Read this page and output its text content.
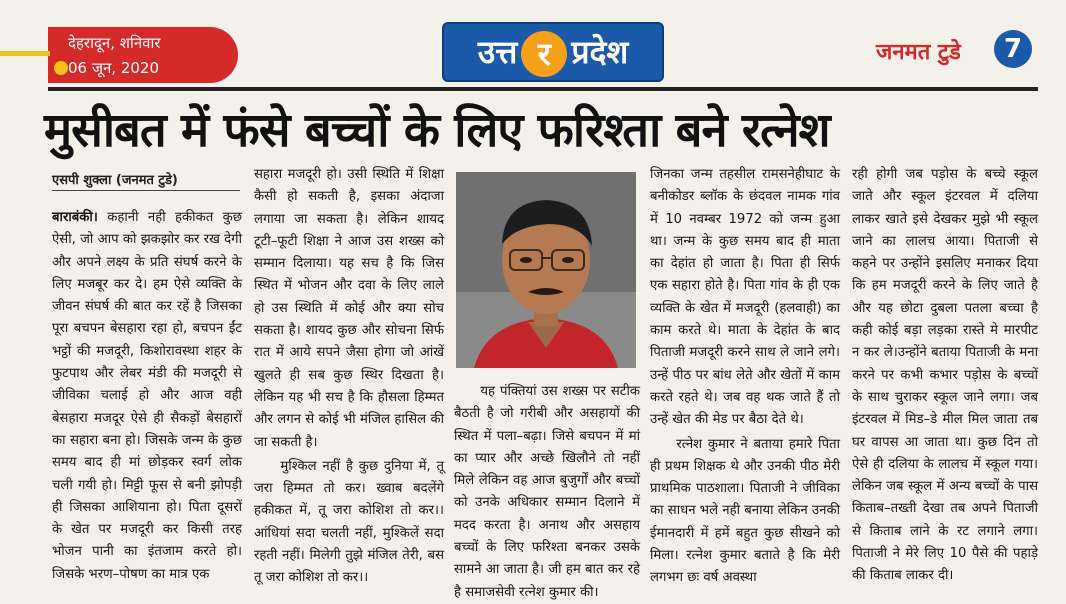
देहरादून, शनिवार
06 जून, 2020	उत्त र प्रदेश	जनमत टुडे	7
मुसीबत में फंसे बच्चों के लिए फरिश्ता बने रत्नेश
एसपी शुक्ला (जनमत टुडे)

बाराबंकी। कहानी नही हकीकत कुछ ऐसी, जो आप को झकझोर कर रख देगी और अपने लक्ष्य के प्रति संघर्ष करने के लिए मजबूर कर दे। हम ऐसे व्यक्ति के जीवन संघर्ष की बात कर रहें है जिसका पूरा बचपन बेसहारा रहा हो, बचपन ईंट भट्ठों की मजदूरी, किशोरावस्था शहर के फुटपाथ और लेबर मंडी की मजदूरी से जीविका चलाई हो और आज वही बेसहारा मजदूर ऐसे ही सैकड़ों बेसहारों का सहारा बना हो। जिसके जन्म के कुछ समय बाद ही मां छोड़कर स्वर्ग लोक चली गयी हो। मिट्टी फूस से बनी झोपड़ी ही जिसका आशियाना हो। पिता दूसरों के खेत पर मजदूरी कर किसी तरह भोजन पानी का इंतजाम करते हो। जिसके भरण–पोषण का मात्र एक

सहारा मजदूरी हो। उसी स्थिति में शिक्षा कैसी हो सकती है, इसका अंदाजा लगाया जा सकता है। लेकिन शायद टूटी–फूटी शिक्षा ने आज उस शख्स को सम्मान दिलाया। यह सच है कि जिस स्थित में भोजन और दवा के लिए लाले हो उस स्थिति में कोई और क्या सोच सकता है। शायद कुछ और सोचना सिर्फ रात में आये सपने जैसा होगा जो आंखें खुलते ही सब कुछ स्थिर दिखता है। लेकिन यह भी सच है कि हौसला हिम्मत और लगन से कोई भी मंजिल हासिल की जा सकती है।

मुश्किल नहीं है कुछ दुनिया में, तू जरा हिम्मत तो कर। ख्वाब बदलेंगे हकीकत में, तू जरा कोशिश तो कर।।आंधियां सदा चलती नहीं, मुश्किलें सदा रहती नहीं। मिलेगी तुझे मंजिल तेरी, बस तू जरा कोशिश तो कर।।

यह पंक्तियां उस शख्स पर सटीक बैठती है जो गरीबी और असहायों की स्थित में पला–बढ़ा। जिसे बचपन में मां का प्यार और अच्छे खिलौने तो नहीं मिले लेकिन वह आज बुजुर्गों और बच्चों को उनके अधिकार सम्मान दिलाने में मदद करता है। अनाथ और असहाय बच्चों के लिए फरिश्ता बनकर उसके सामने आ जाता है। जी हम बात कर रहे है समाजसेवी रत्नेश कुमार की।

जिनका जन्म तहसील रामसनेहीघाट के बनीकोडर ब्लॉक के छंदवल नामक गांव में 10 नवम्बर 1972 को जन्म हुआ था। जन्म के कुछ समय बाद ही माता का देहांत हो जाता है। पिता ही सिर्फ एक सहारा होते है। पिता गांव के ही एक व्यक्ति के खेत में मजदूरी (हलवाही) का काम करते थे। माता के देहांत के बाद पिताजी मजदूरी करने साथ ले जाने लगे। उन्हें पीठ पर बांध लेते और खेतों में काम करते रहते थे। जब वह थक जाते हैं तो उन्हें खेत की मेड पर बैठा देते थे।

रत्नेश कुमार ने बताया हमारे पिता ही प्रथम शिक्षक थे और उनकी पीठ मेरी प्राथमिक पाठशाला। पिताजी ने जीविका का साधन भले नही बनाया लेकिन उनकी ईमानदारी में हमें बहुत कुछ सीखने को मिला। रत्नेश कुमार बताते है कि मेरी लगभग छः वर्ष अवस्था

रही होगी जब पड़ोस के बच्चे स्कूल जाते और स्कूल इंटरवल में दलिया लाकर खाते इसे देखकर मुझे भी स्कूल जाने का लालच आया। पिताजी से कहने पर उन्होंने इसलिए मनाकर दिया कि हम मजदूरी करने के लिए जाते है और यह छोटा दुबला पतला बच्चा है कही कोई बड़ा लड़का रास्ते मे मारपीट न कर ले।उन्होंने बताया पिताजी के मना करने पर कभी कभार पड़ोस के बच्चों के साथ चुराकर स्कूल जाने लगा। जब इंटरवल में मिड–डे मील मिल जाता तब घर वापस आ जाता था। कुछ दिन तो ऐसे ही दलिया के लालच में स्कूल गया। लेकिन जब स्कूल में अन्य बच्चों के पास किताब–तख्ती देखा तब अपने पिताजी से किताब लाने के रट लगाने लगा। पिताजी ने मेरे लिए 10 पैसे की पहाड़े की किताब लाकर दी।
